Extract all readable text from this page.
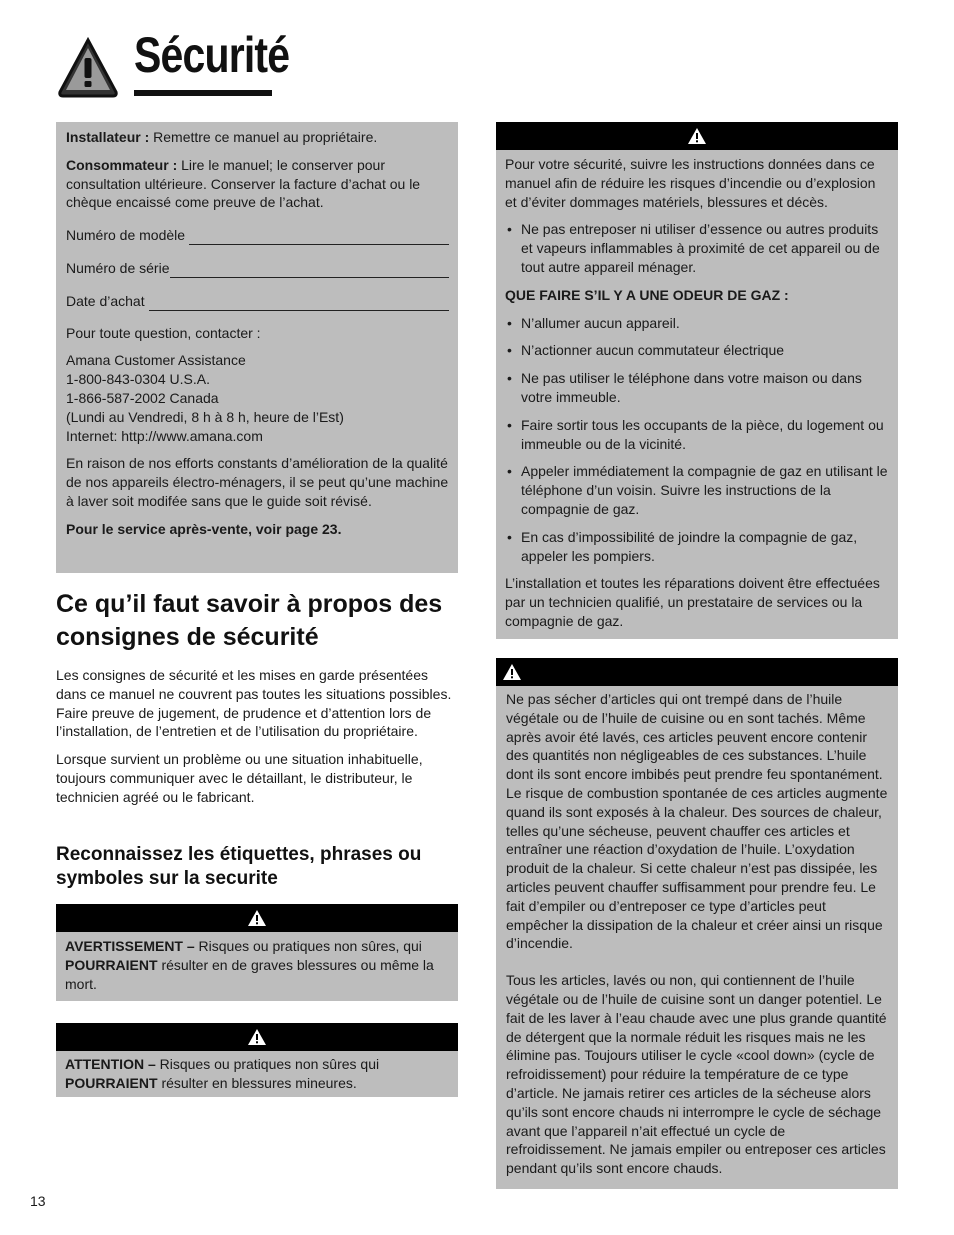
Sécurité

Installateur : Remettre ce manuel au propriétaire.

Consommateur : Lire le manuel; le conserver pour consultation ultérieure. Conserver la facture d’achat ou le chèque encaissé come preuve de l’achat.

Numéro de modèle
Numéro de série
Date d’achat

Pour toute question, contacter :

Amana Customer Assistance
1-800-843-0304 U.S.A.
1-866-587-2002 Canada
(Lundi au Vendredi, 8 h à 8 h, heure de l’Est)
Internet: http://www.amana.com

En raison de nos efforts constants d’amélioration de la qualité de nos appareils électro-ménagers, il se peut qu’une machine à laver soit modifée sans que le guide soit révisé.

Pour le service après-vente, voir page 23.

Ce qu’il faut savoir à propos des consignes de sécurité

Les consignes de sécurité et les mises en garde présentées dans ce manuel ne couvrent pas toutes les situations possibles. Faire preuve de jugement, de prudence et d’attention lors de l’installation, de l’entretien et de l’utilisation du propriétaire.

Lorsque survient un problème ou une situation inhabituelle, toujours communiquer avec le détaillant, le distributeur, le technicien agréé ou le fabricant.

Reconnaissez les étiquettes, phrases ou symboles sur la securite
AVERTISSEMENT – Risques ou pratiques non sûres, qui POURRAIENT résulter en de graves blessures ou même la mort.
ATTENTION – Risques ou pratiques non sûres qui POURRAIENT résulter en blessures mineures.

Pour votre sécurité, suivre les instructions données dans ce manuel afin de réduire les risques d’incendie ou d’explosion et d’éviter dommages matériels, blessures et décès.

• Ne pas entreposer ni utiliser d’essence ou autres produits et vapeurs inflammables à proximité de cet appareil ou de tout autre appareil ménager.

QUE FAIRE S’IL Y A UNE ODEUR DE GAZ :

• N’allumer aucun appareil.
• N’actionner aucun commutateur électrique
• Ne pas utiliser le téléphone dans votre maison ou dans votre immeuble.
• Faire sortir tous les occupants de la pièce, du logement ou immeuble ou de la vicinité.
• Appeler immédiatement la compagnie de gaz en utilisant le téléphone d’un voisin. Suivre les instructions de la compagnie de gaz.
• En cas d’impossibilité de joindre la compagnie de gaz, appeler les pompiers.

L’installation et toutes les réparations doivent être effectuées par un technicien qualifié, un prestataire de services ou la compagnie de gaz.

Ne pas sécher d’articles qui ont trempé dans de l’huile végétale ou de l’huile de cuisine ou en sont tachés. Même après avoir été lavés, ces articles peuvent encore contenir des quantités non négligeables de ces substances. L’huile dont ils sont encore imbibés peut prendre feu spontanément. Le risque de combustion spontanée de ces articles augmente quand ils sont exposés à la chaleur. Des sources de chaleur, telles qu’une sécheuse, peuvent chauffer ces articles et entraîner une réaction d’oxydation de l’huile. L’oxydation produit de la chaleur. Si cette chaleur n’est pas dissipée, les articles peuvent chauffer suffisamment pour prendre feu. Le fait d’empiler ou d’entreposer ce type d’articles peut empêcher la dissipation de la chaleur et créer ainsi un risque d’incendie.

Tous les articles, lavés ou non, qui contiennent de l’huile végétale ou de l’huile de cuisine sont un danger potentiel. Le fait de les laver à l’eau chaude avec une plus grande quantité de détergent que la normale réduit les risques mais ne les élimine pas. Toujours utiliser le cycle «cool down» (cycle de refroidissement) pour réduire la température de ce type d’article. Ne jamais retirer ces articles de la sécheuse alors qu’ils sont encore chauds ni interrompre le cycle de séchage avant que l’appareil n’ait effectué un cycle de refroidissement. Ne jamais empiler ou entreposer ces articles pendant qu’ils sont encore chauds.

13
